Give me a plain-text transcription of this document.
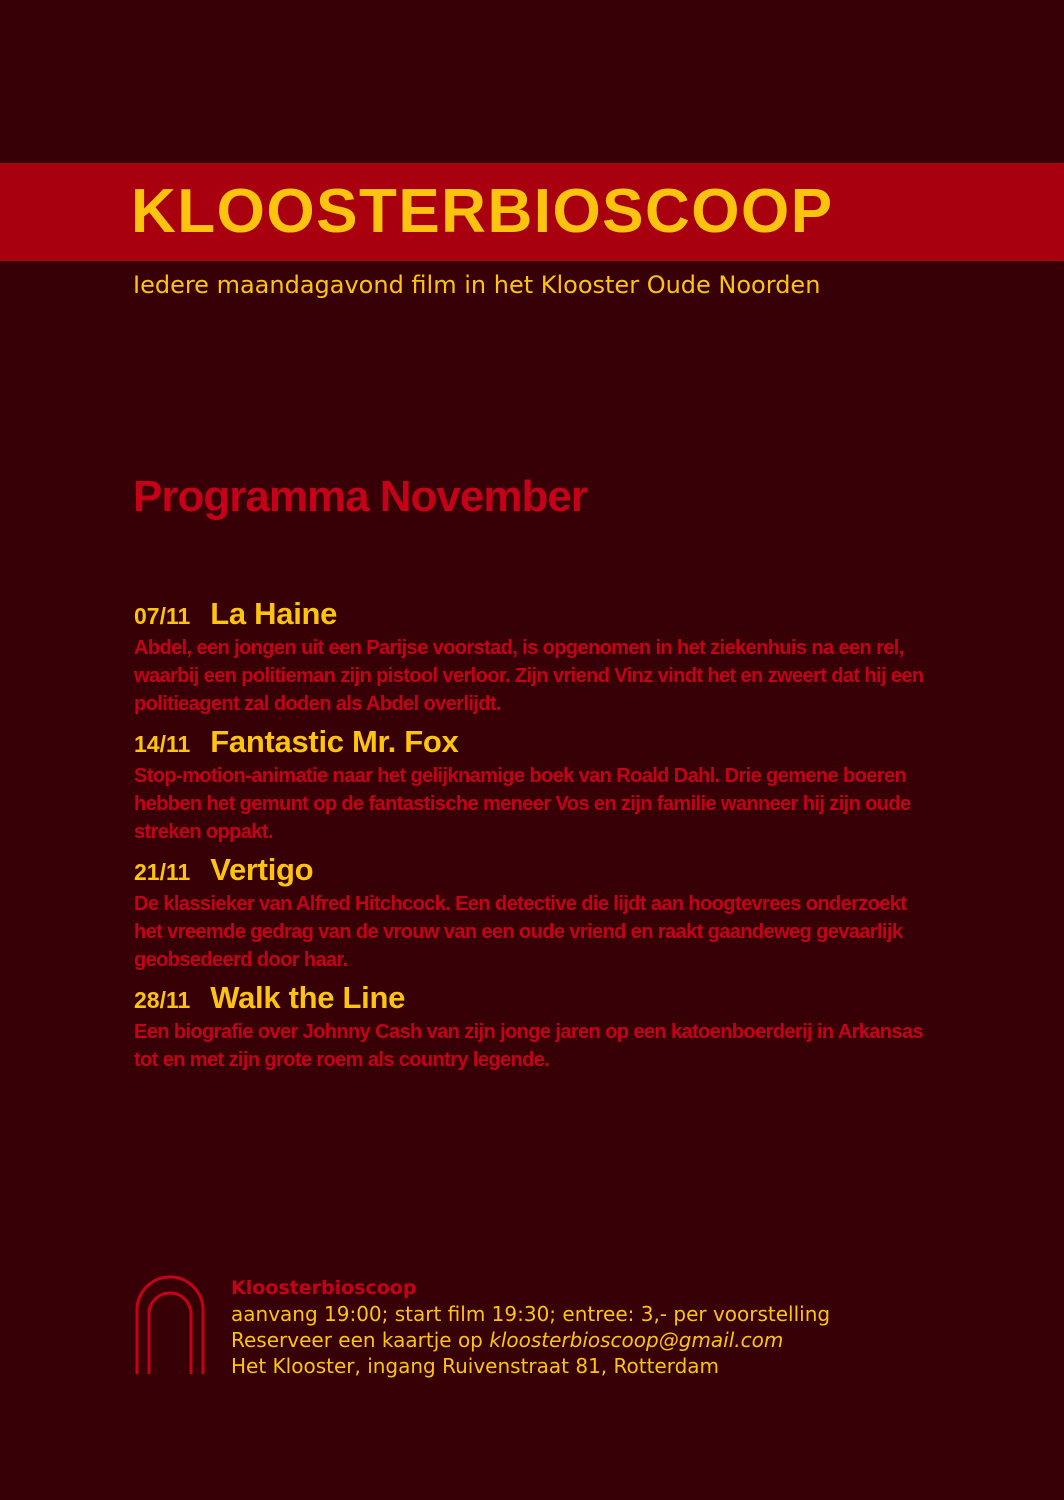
KLOOSTERBIOSCOOP
Iedere maandagavond film in het Klooster Oude Noorden
Programma November
07/11 La Haine

Abdel, een jongen uit een Parijse voorstad, is opgenomen in het ziekenhuis na een rel, waarbij een politieman zijn pistool verloor. Zijn vriend Vinz vindt het en zweert dat hij een politieagent zal doden als Abdel overlijdt.

14/11 Fantastic Mr. Fox

Stop-motion-animatie naar het gelijknamige boek van Roald Dahl. Drie gemene boeren hebben het gemunt op de fantastische meneer Vos en zijn familie wanneer hij zijn oude streken oppakt.

21/11 Vertigo

De klassieker van Alfred Hitchcock. Een detective die lijdt aan hoogtevrees onderzoekt het vreemde gedrag van de vrouw van een oude vriend en raakt gaandeweg gevaarlijk geobsedeerd door haar.

28/11 Walk the Line

Een biografie over Johnny Cash van zijn jonge jaren op een katoenboerderij in Arkansas tot en met zijn grote roem als country legende.

Kloosterbioscoop
aanvang 19:00; start film 19:30; entree: 3,- per voorstelling
Reserveer een kaartje op kloosterbioscoop@gmail.com
Het Klooster, ingang Ruivenstraat 81, Rotterdam
